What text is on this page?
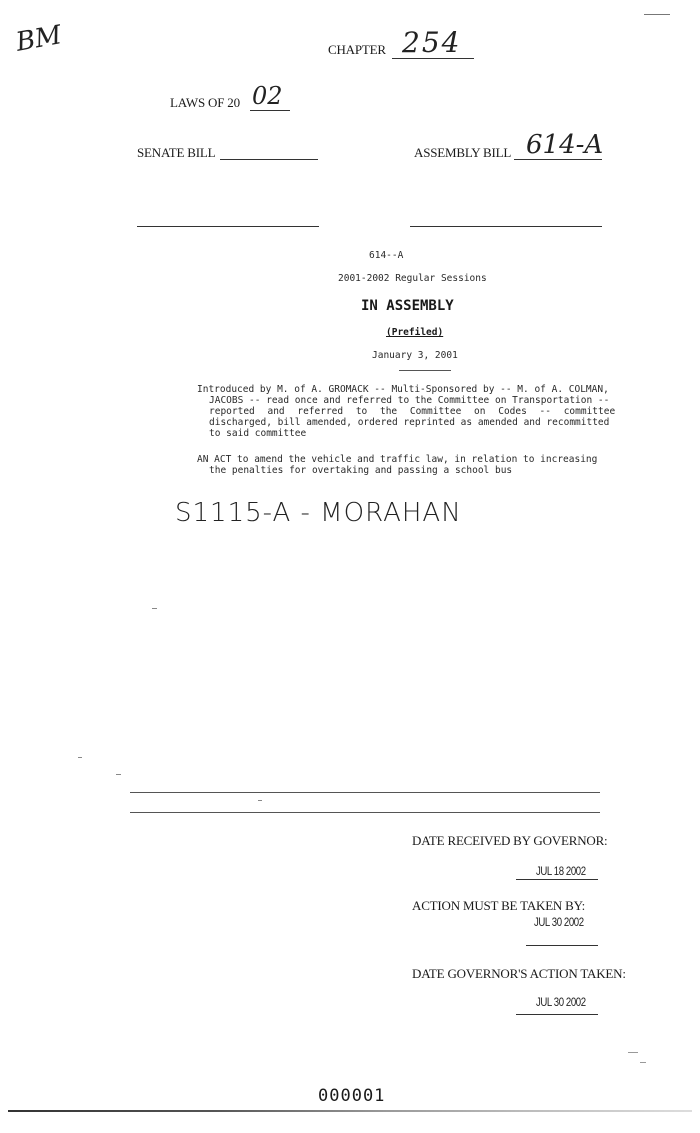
BM	CHAPTER 254
LAWS OF 20 02
SENATE BILL	ASSEMBLY BILL 614-A
614--A
2001-2002 Regular Sessions
IN ASSEMBLY
(Prefiled)
January 3, 2001
Introduced by M. of A. GROMACK -- Multi-Sponsored by -- M. of A. COLMAN,
JACOBS -- read once and referred to the Committee on Transportation --
reported and referred to the Committee on Codes -- committee
discharged, bill amended, ordered reprinted as amended and recommitted
to said committee
AN ACT to amend the vehicle and traffic law, in relation to increasing
the penalties for overtaking and passing a school bus
S1115-A - MORAHAN
DATE RECEIVED BY GOVERNOR:
JUL 18 2002
ACTION MUST BE TAKEN BY:
JUL 30 2002
DATE GOVERNOR'S ACTION TAKEN:
JUL 30 2002
000001
